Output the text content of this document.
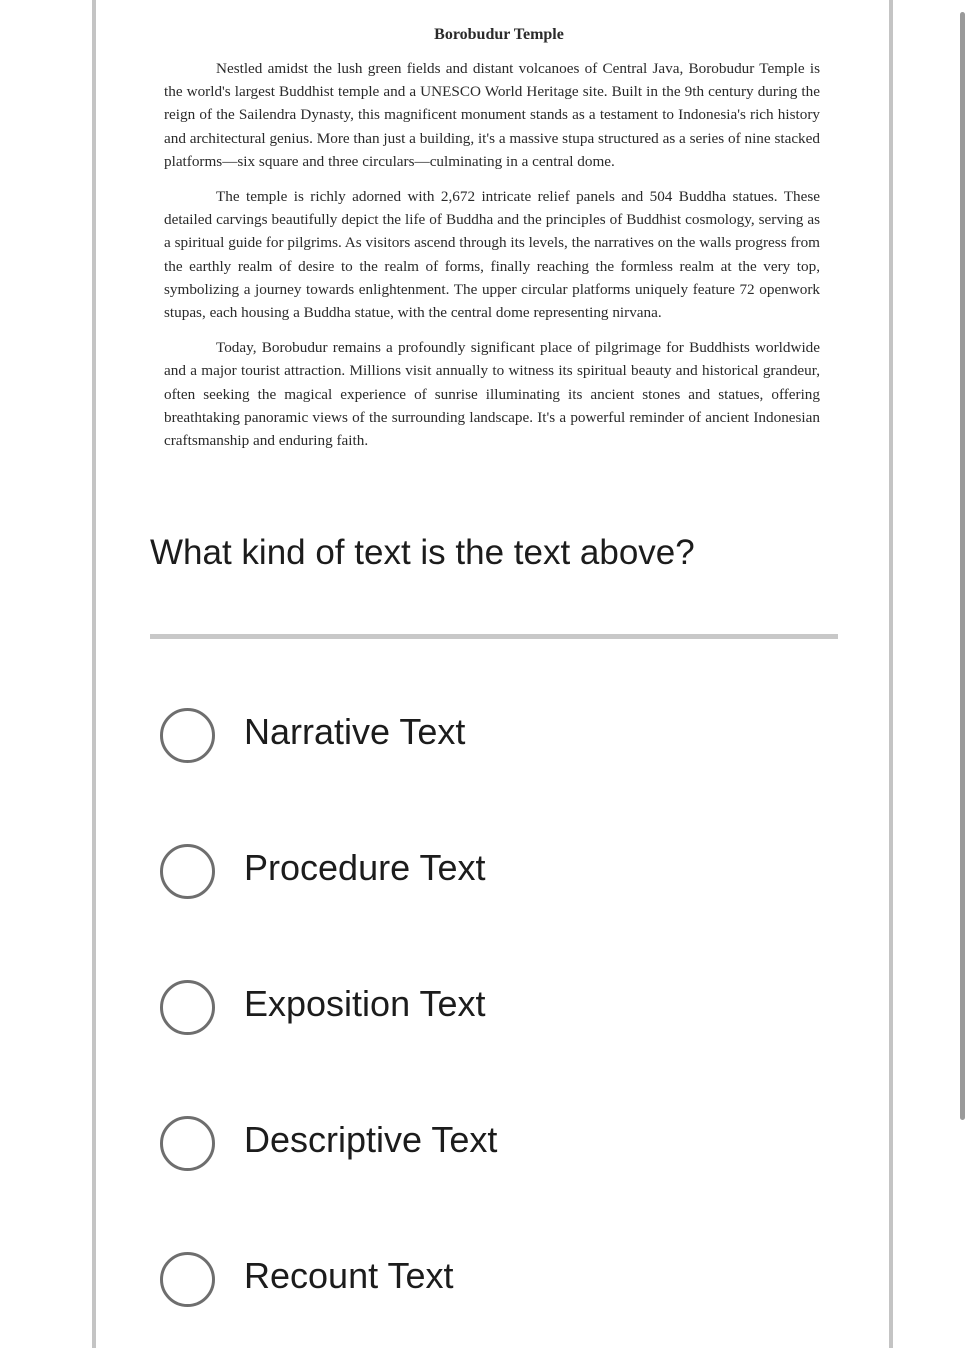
Borobudur Temple

Nestled amidst the lush green fields and distant volcanoes of Central Java, Borobudur Temple is the world's largest Buddhist temple and a UNESCO World Heritage site. Built in the 9th century during the reign of the Sailendra Dynasty, this magnificent monument stands as a testament to Indonesia's rich history and architectural genius. More than just a building, it's a massive stupa structured as a series of nine stacked platforms—six square and three circulars—culminating in a central dome.

The temple is richly adorned with 2,672 intricate relief panels and 504 Buddha statues. These detailed carvings beautifully depict the life of Buddha and the principles of Buddhist cosmology, serving as a spiritual guide for pilgrims. As visitors ascend through its levels, the narratives on the walls progress from the earthly realm of desire to the realm of forms, finally reaching the formless realm at the very top, symbolizing a journey towards enlightenment. The upper circular platforms uniquely feature 72 openwork stupas, each housing a Buddha statue, with the central dome representing nirvana.

Today, Borobudur remains a profoundly significant place of pilgrimage for Buddhists worldwide and a major tourist attraction. Millions visit annually to witness its spiritual beauty and historical grandeur, often seeking the magical experience of sunrise illuminating its ancient stones and statues, offering breathtaking panoramic views of the surrounding landscape. It's a powerful reminder of ancient Indonesian craftsmanship and enduring faith.

What kind of text is the text above?
Narrative Text
Procedure Text
Exposition Text
Descriptive Text
Recount Text
